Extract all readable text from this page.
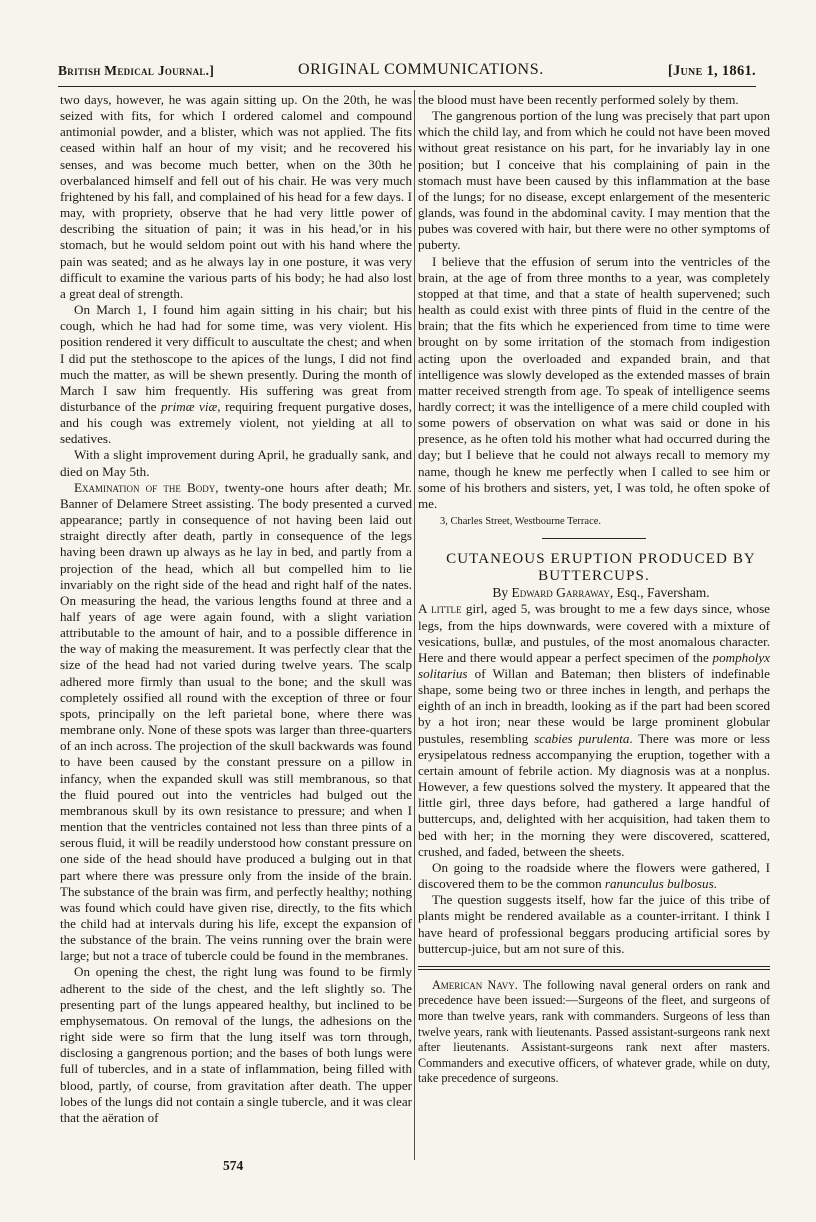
British Medical Journal.]	ORIGINAL COMMUNICATIONS.	[June 1, 1861.

two days, however, he was again sitting up. On the 20th, he was seized with fits, for which I ordered calomel and compound antimonial powder, and a blister, which was not applied. The fits ceased within half an hour of my visit; and he recovered his senses, and was become much better, when on the 30th he overbalanced himself and fell out of his chair. He was very much frightened by his fall, and complained of his head for a few days. I may, with propriety, observe that he had very little power of describing the situation of pain; it was in his head,'or in his stomach, but he would seldom point out with his hand where the pain was seated; and as he always lay in one posture, it was very difficult to examine the various parts of his body; he had also lost a great deal of strength.

On March 1, I found him again sitting in his chair; but his cough, which he had had for some time, was very violent. His position rendered it very difficult to auscultate the chest; and when I did put the stethoscope to the apices of the lungs, I did not find much the matter, as will be shewn presently. During the month of March I saw him frequently. His suffering was great from disturbance of the primæ viæ, requiring frequent purgative doses, and his cough was extremely violent, not yielding at all to sedatives.

With a slight improvement during April, he gradually sank, and died on May 5th.

Examination of the Body, twenty-one hours after death; Mr. Banner of Delamere Street assisting. The body presented a curved appearance; partly in consequence of not having been laid out straight directly after death, partly in consequence of the legs having been drawn up always as he lay in bed, and partly from a projection of the head, which all but compelled him to lie invariably on the right side of the head and right half of the nates. On measuring the head, the various lengths found at three and a half years of age were again found, with a slight variation attributable to the amount of hair, and to a possible difference in the way of making the measurement. It was perfectly clear that the size of the head had not varied during twelve years. The scalp adhered more firmly than usual to the bone; and the skull was completely ossified all round with the exception of three or four spots, principally on the left parietal bone, where there was membrane only. None of these spots was larger than three-quarters of an inch across. The projection of the skull backwards was found to have been caused by the constant pressure on a pillow in infancy, when the expanded skull was still membranous, so that the fluid poured out into the ventricles had bulged out the membranous skull by its own resistance to pressure; and when I mention that the ventricles contained not less than three pints of a serous fluid, it will be readily understood how constant pressure on one side of the head should have produced a bulging out in that part where there was pressure only from the inside of the brain. The substance of the brain was firm, and perfectly healthy; nothing was found which could have given rise, directly, to the fits which the child had at intervals during his life, except the expansion of the substance of the brain. The veins running over the brain were large; but not a trace of tubercle could be found in the membranes.

On opening the chest, the right lung was found to be firmly adherent to the side of the chest, and the left slightly so. The presenting part of the lungs appeared healthy, but inclined to be emphysematous. On removal of the lungs, the adhesions on the right side were so firm that the lung itself was torn through, disclosing a gangrenous portion; and the bases of both lungs were full of tubercles, and in a state of inflammation, being filled with blood, partly, of course, from gravitation after death. The upper lobes of the lungs did not contain a single tubercle, and it was clear that the aëration of

the blood must have been recently performed solely by them.

The gangrenous portion of the lung was precisely that part upon which the child lay, and from which he could not have been moved without great resistance on his part, for he invariably lay in one position; but I conceive that his complaining of pain in the stomach must have been caused by this inflammation at the base of the lungs; for no disease, except enlargement of the mesenteric glands, was found in the abdominal cavity. I may mention that the pubes was covered with hair, but there were no other symptoms of puberty.

I believe that the effusion of serum into the ventricles of the brain, at the age of from three months to a year, was completely stopped at that time, and that a state of health supervened; such health as could exist with three pints of fluid in the centre of the brain; that the fits which he experienced from time to time were brought on by some irritation of the stomach from indigestion acting upon the overloaded and expanded brain, and that intelligence was slowly developed as the extended masses of brain matter received strength from age. To speak of intelligence seems hardly correct; it was the intelligence of a mere child coupled with some powers of observation on what was said or done in his presence, as he often told his mother what had occurred during the day; but I believe that he could not always recall to memory my name, though he knew me perfectly when I called to see him or some of his brothers and sisters, yet, I was told, he often spoke of me.

3, Charles Street, Westbourne Terrace.

CUTANEOUS ERUPTION PRODUCED BY BUTTERCUPS.

By Edward Garraway, Esq., Faversham.

A little girl, aged 5, was brought to me a few days since, whose legs, from the hips downwards, were covered with a mixture of vesications, bullæ, and pustules, of the most anomalous character. Here and there would appear a perfect specimen of the pompholyx solitarius of Willan and Bateman; then blisters of indefinable shape, some being two or three inches in length, and perhaps the eighth of an inch in breadth, looking as if the part had been scored by a hot iron; near these would be large prominent globular pustules, resembling scabies purulenta. There was more or less erysipelatous redness accompanying the eruption, together with a certain amount of febrile action. My diagnosis was at a nonplus. However, a few questions solved the mystery. It appeared that the little girl, three days before, had gathered a large handful of buttercups, and, delighted with her acquisition, had taken them to bed with her; in the morning they were discovered, scattered, crushed, and faded, between the sheets.

On going to the roadside where the flowers were gathered, I discovered them to be the common ranunculus bulbosus.

The question suggests itself, how far the juice of this tribe of plants might be rendered available as a counter-irritant. I think I have heard of professional beggars producing artificial sores by buttercup-juice, but am not sure of this.

American Navy. The following naval general orders on rank and precedence have been issued:—Surgeons of the fleet, and surgeons of more than twelve years, rank with commanders. Surgeons of less than twelve years, rank with lieutenants. Passed assistant-surgeons rank next after lieutenants. Assistant-surgeons rank next after masters. Commanders and executive officers, of whatever grade, while on duty, take precedence of surgeons.

574
